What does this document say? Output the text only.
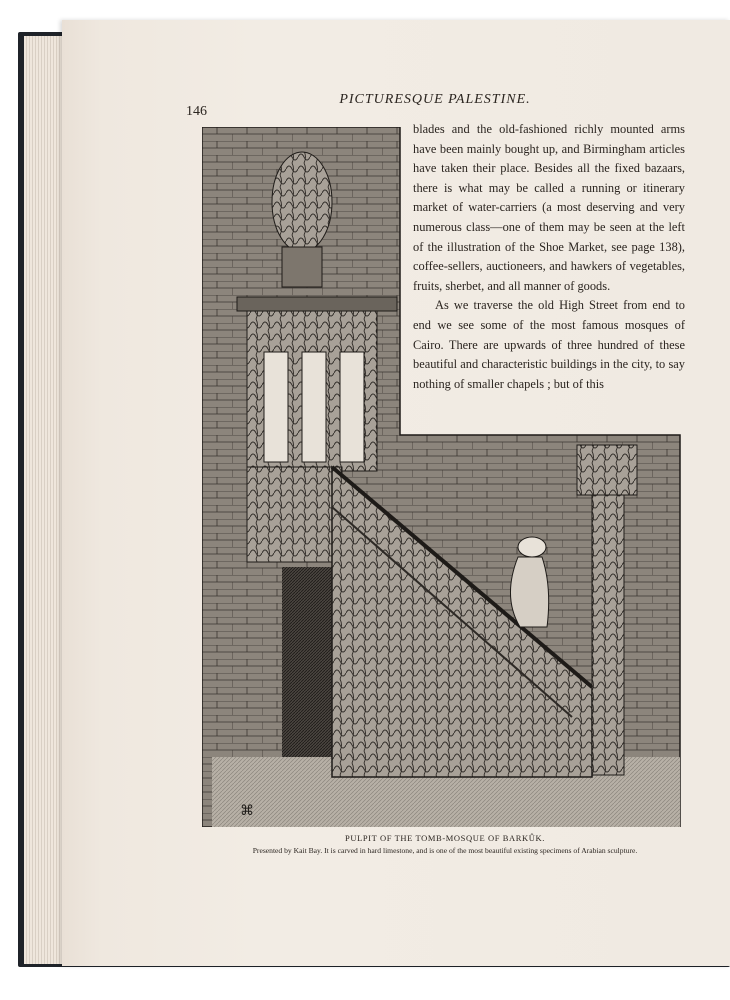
146
PICTURESQUE PALESTINE.
⌘

blades and the old-fashioned richly mounted arms have been mainly bought up, and Birmingham articles have taken their place. Besides all the fixed bazaars, there is what may be called a running or itinerary market of water-carriers (a most deserving and very numerous class—one of them may be seen at the left of the illustration of the Shoe Market, see page 138), coffee-sellers, auctioneers, and hawkers of vegetables, fruits, sherbet, and all manner of goods.

As we traverse the old High Street from end to end we see some of the most famous mosques of Cairo. There are upwards of three hundred of these beautiful and characteristic buildings in the city, to say nothing of smaller chapels ; but of this

PULPIT OF THE TOMB-MOSQUE OF BARKÛK.
Presented by Kait Bay. It is carved in hard limestone, and is one of the most beautiful existing specimens of Arabian sculpture.
